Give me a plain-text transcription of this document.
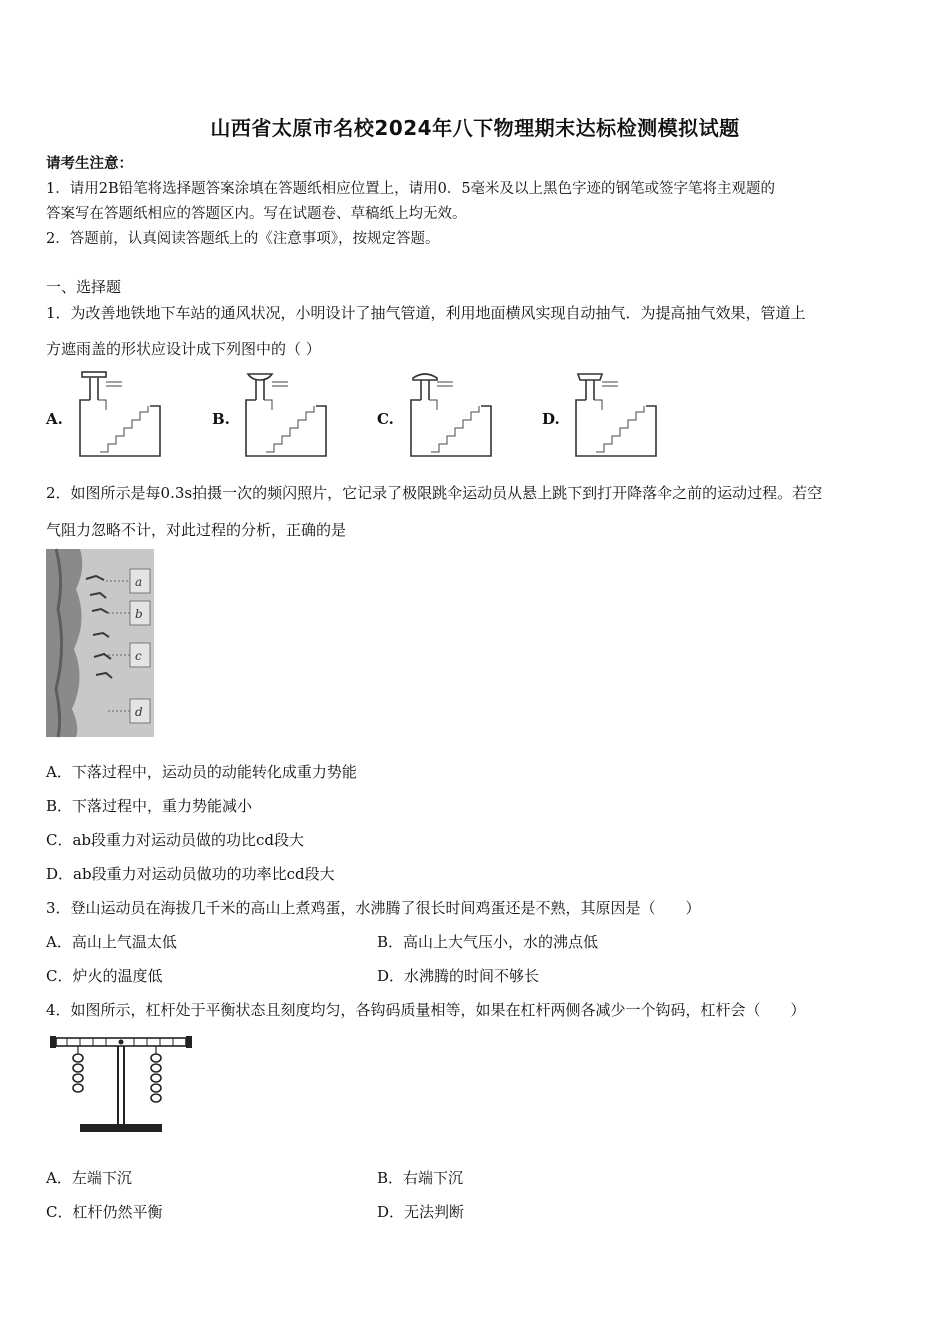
山西省太原市名校2024年八下物理期末达标检测模拟试题
请考生注意：
1．请用2B铅笔将选择题答案涂填在答题纸相应位置上，请用0．5毫米及以上黑色字迹的钢笔或签字笔将主观题的
答案写在答题纸相应的答题区内。写在试题卷、草稿纸上均无效。
2．答题前，认真阅读答题纸上的《注意事项》，按规定答题。
一、选择题
1．为改善地铁地下车站的通风状况，小明设计了抽气管道，利用地面横风实现自动抽气．为提高抽气效果，管道上
方遮雨盖的形状应设计成下列图中的（ ）
A.	B.	C.	D.
2．如图所示是每0.3s拍摄一次的频闪照片，它记录了极限跳伞运动员从悬上跳下到打开降落伞之前的运动过程。若空
气阻力忽略不计，对此过程的分析，正确的是
a
b
c
d
A．下落过程中，运动员的动能转化成重力势能
B．下落过程中，重力势能减小
C．ab段重力对运动员做的功比cd段大
D．ab段重力对运动员做功的功率比cd段大
3．登山运动员在海拔几千米的高山上煮鸡蛋，水沸腾了很长时间鸡蛋还是不熟，其原因是（　　）
A．高山上气温太低	B．高山上大气压小，水的沸点低
C．炉火的温度低	D．水沸腾的时间不够长
4．如图所示，杠杆处于平衡状态且刻度均匀，各钩码质量相等，如果在杠杆两侧各减少一个钩码，杠杆会（　　）
A．左端下沉	B．右端下沉
C．杠杆仍然平衡	D．无法判断
